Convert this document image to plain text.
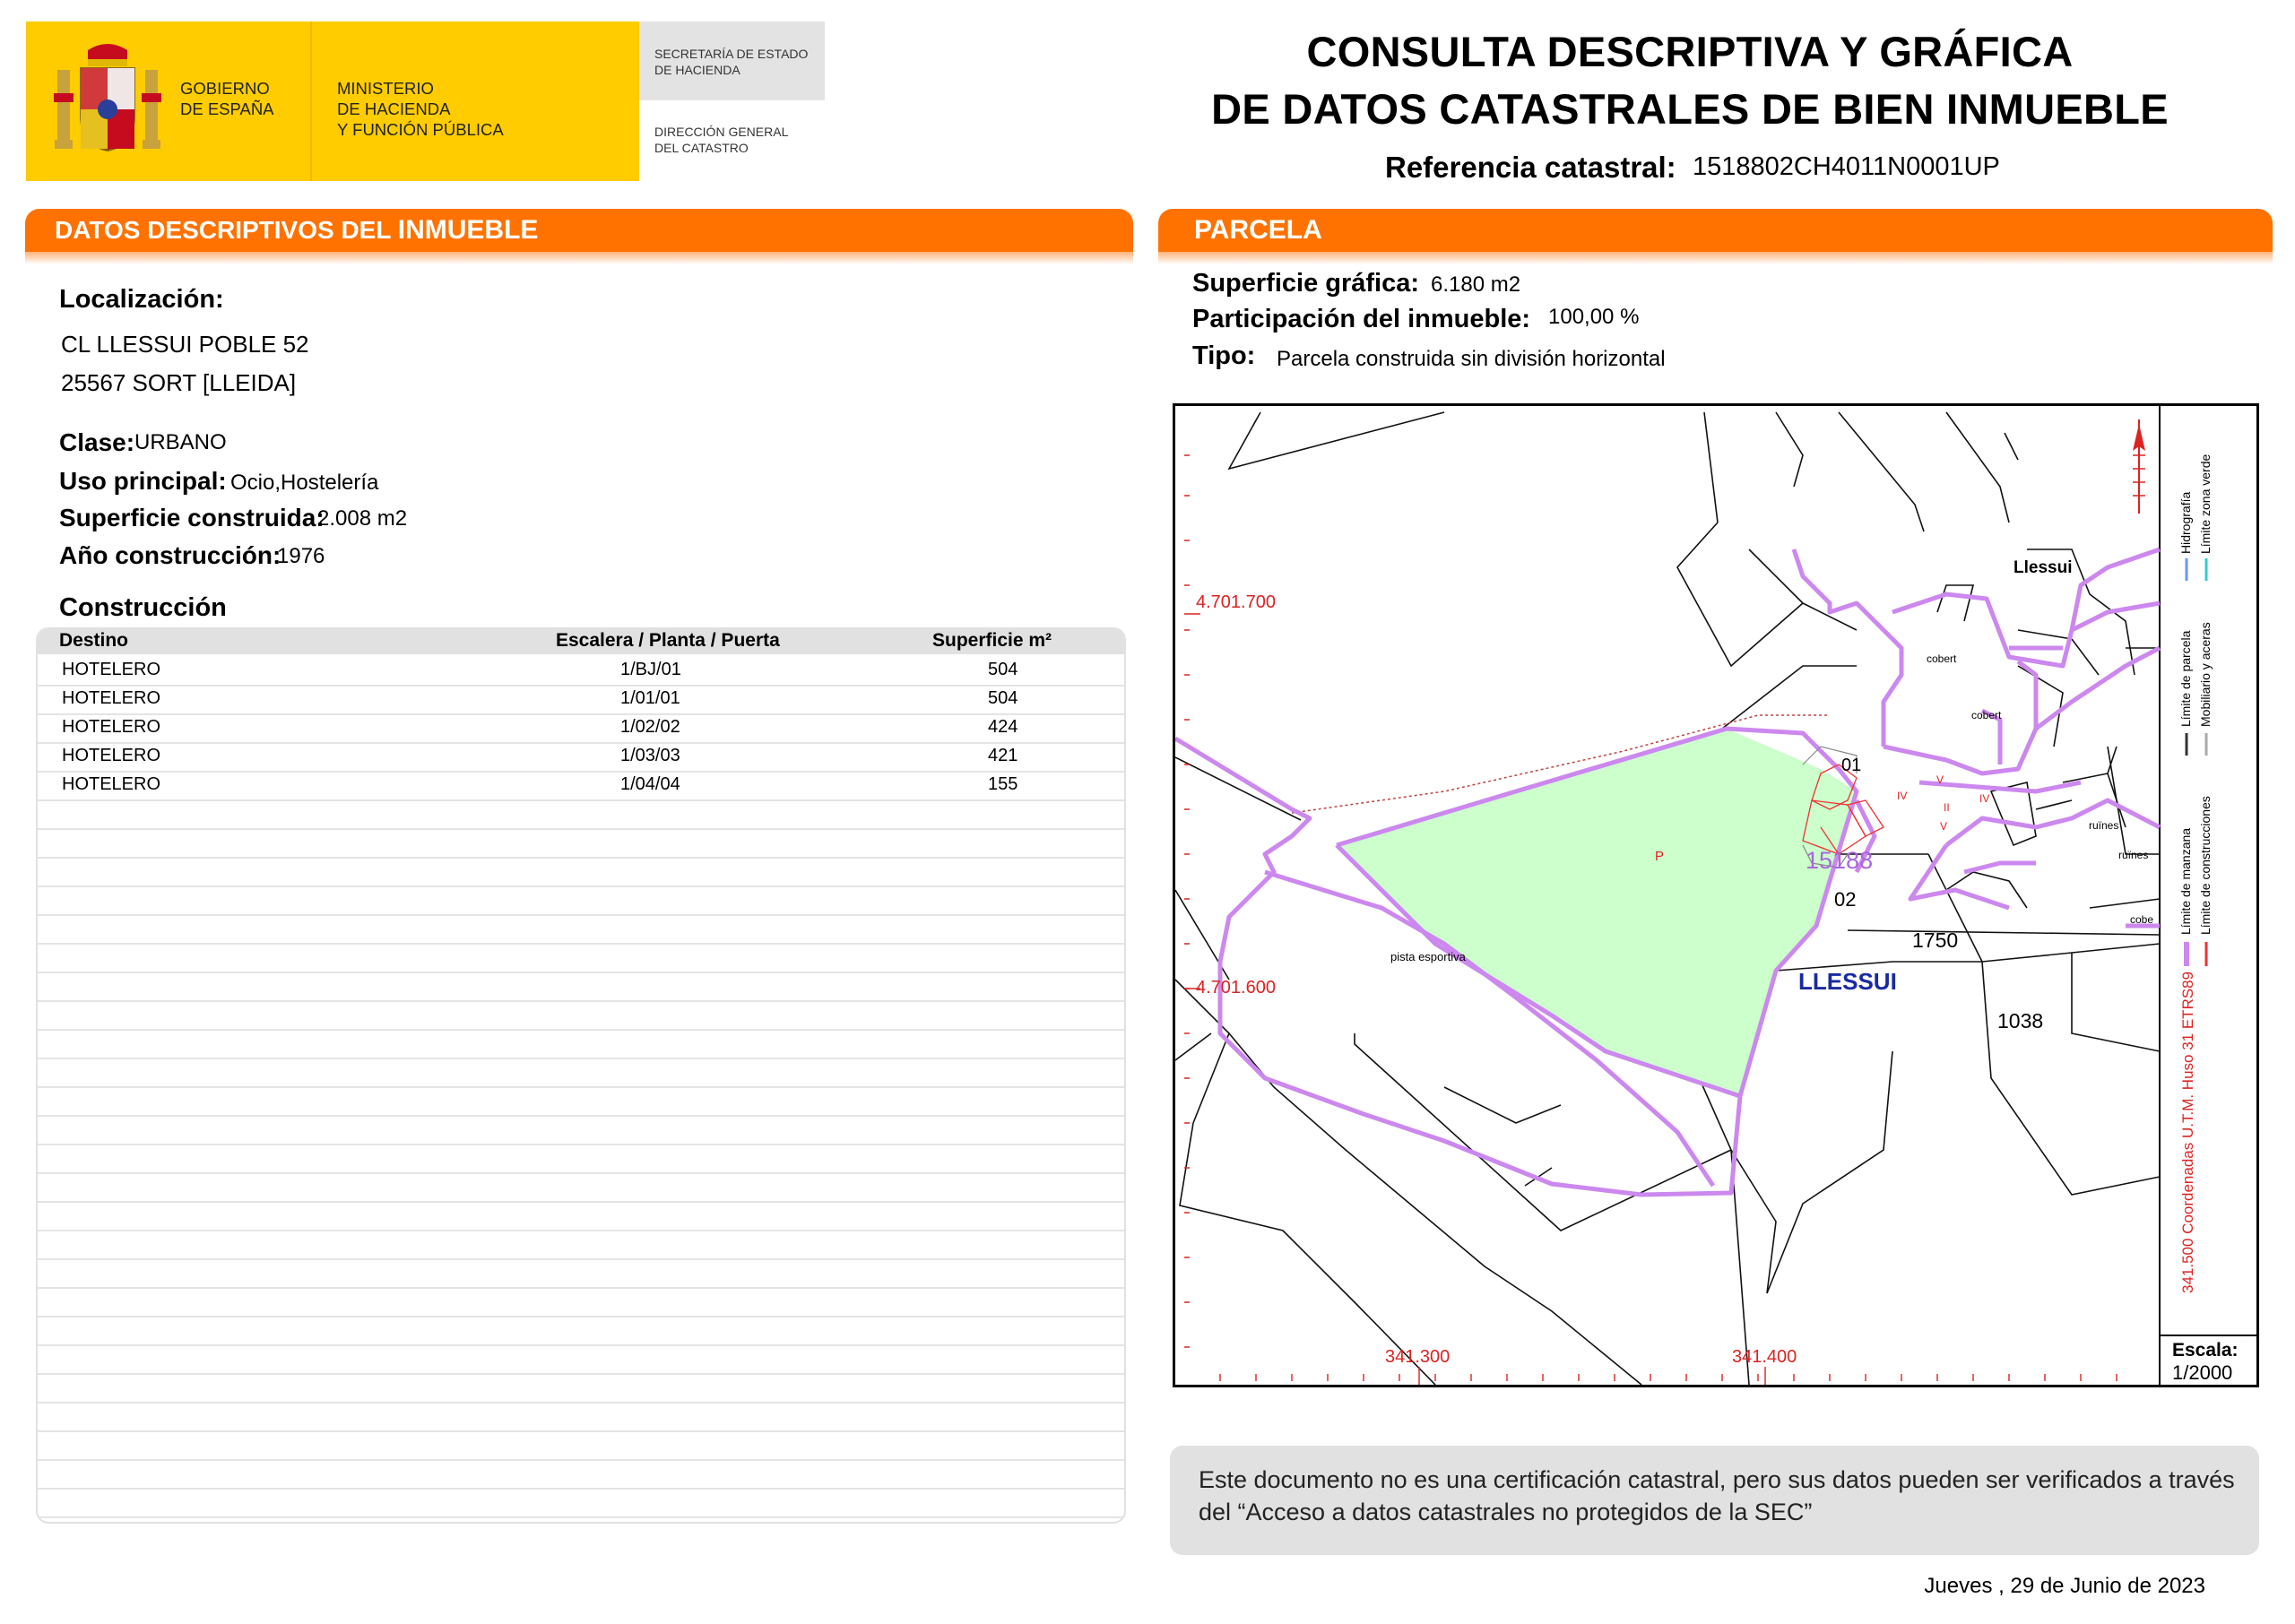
GOBIERNO
DE ESPAÑA
MINISTERIO
DE HACIENDA
Y FUNCIÓN PÚBLICA
SECRETARÍA DE ESTADO
DE HACIENDA
DIRECCIÓN GENERAL
DEL CATASTRO
CONSULTA DESCRIPTIVA Y GRÁFICA
DE DATOS CATASTRALES DE BIEN INMUEBLE
Referencia catastral: 1518802CH4011N0001UP
DATOS DESCRIPTIVOS DEL INMUEBLE
Localización:
CL LLESSUI POBLE 52
25567 SORT [LLEIDA]
Clase: URBANO
Uso principal: Ocio,Hostelería
Superficie construida:
2.008 m2
Año construcción:
1976
Construcción
Destino	Escalera / Planta / Puerta	Superficie m²
HOTELERO	1/BJ/01	504
HOTELERO	1/01/01	504
HOTELERO	1/02/02	424
HOTELERO	1/03/03	421
HOTELERO	1/04/04	155
PARCELA
Superficie gráfica: 6.180 m2
Participación del inmueble: 100,00 %
Tipo: Parcela construida sin división horizontal
4.701.700
4.701.600
341.300	341.400
Llessui
LLESSUI
15188
02
P
1750
1038
01
pista esportiva
cobert
cobert
cobe
ruïnes
ruïnes
IV	IV
V
V
II
Hidrografía Límite zona verde
Límite de parcela Mobiliario y aceras
Límite de manzana Límite de construcciones
341.500 Coordenadas U.T.M. Huso 31 ETRS89
Escala:
1/2000
Este documento no es una certificación catastral, pero sus datos pueden ser verificados a través del “Acceso a datos catastrales no protegidos de la SEC”
Jueves , 29 de Junio de 2023
